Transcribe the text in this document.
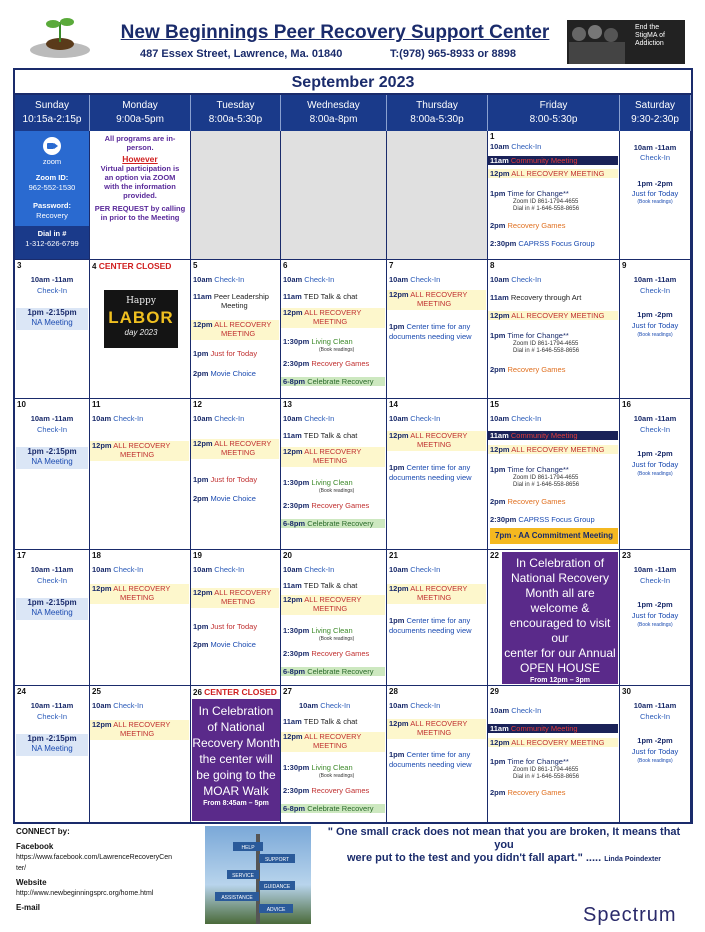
New Beginnings Peer Recovery Support Center
487 Essex Street, Lawrence, Ma. 01840	T:(978) 965-8933 or 8898
End the StigMA of Addiction
September 2023
Sunday
10:15a-2:15p
Monday
9:00a-5pm
Tuesday
8:00a-5:30p
Wednesday
8:00a-8pm
Thursday
8:00a-5:30p
Friday
8:00-5:30p
Saturday
9:30-2:30p
zoom
Zoom ID:
962-552-1530
Password:
Recovery
Dial in #
1-312-626-6799
All programs are in-
person.
However
Virtual participation is
an option via ZOOM
with the information
provided.
PER REQUEST by calling
in prior to the Meeting
1
10am Check-In
11am Community Meeting
12pm ALL RECOVERY MEETING
1pm Time for Change**
Zoom ID 861-1794-4655
Dial in # 1-646-558-8656
2pm Recovery Games
2:30pm CAPRSS Focus Group
10am -11am
Check-In
1pm -2pm
Just for Today
(Book readings)
3
10am -11am
Check-In
1pm -2:15pm
NA Meeting
4 CENTER CLOSED
Happy
LABOR
day 2023
5
10am Check-In
11am Peer Leadership
Meeting
12pm ALL RECOVERY
MEETING
1pm Just for Today
2pm Movie Choice
6
10am Check-In
11am TED Talk & chat
12pm ALL RECOVERY
MEETING
1:30pm Living Clean
(Book readings)
2:30pm Recovery Games
6-8pm Celebrate Recovery
7
10am Check-In
12pm ALL RECOVERY
MEETING
1pm Center time for any
documents needing view
8
10am Check-In
11am Recovery through Art
12pm ALL RECOVERY MEETING
1pm Time for Change**
Zoom ID 861-1794-4655
Dial in # 1-646-558-8656
2pm Recovery Games
9
10am -11am
Check-In
1pm -2pm
Just for Today
(Book readings)
10
10am -11am
Check-In
1pm -2:15pm
NA Meeting
11
10am Check-In
12pm ALL RECOVERY
MEETING
12
10am Check-In
12pm ALL RECOVERY
MEETING
1pm Just for Today
2pm Movie Choice
13
10am Check-In
11am TED Talk & chat
12pm ALL RECOVERY
MEETING
1:30pm Living Clean
(Book readings)
2:30pm Recovery Games
6-8pm Celebrate Recovery
14
10am Check-In
12pm ALL RECOVERY
MEETING
1pm Center time for any
documents needing view
15
10am Check-In
11am Community Meeting
12pm ALL RECOVERY MEETING
1pm Time for Change**
Zoom ID 861-1794-4655
Dial in # 1-646-558-8656
2pm Recovery Games
2:30pm CAPRSS Focus Group
7pm - AA Commitment Meeting
16
10am -11am
Check-In
1pm -2pm
Just for Today
(Book readings)
17
10am -11am
Check-In
1pm -2:15pm
NA Meeting
18
10am Check-In
12pm ALL RECOVERY
MEETING
19
10am Check-In
12pm ALL RECOVERY
MEETING
1pm Just for Today
2pm Movie Choice
20
10am Check-In
11am TED Talk & chat
12pm ALL RECOVERY
MEETING
1:30pm Living Clean
(Book readings)
2:30pm Recovery Games
6-8pm Celebrate Recovery
21
10am Check-In
12pm ALL RECOVERY
MEETING
1pm Center time for any
documents needing view
22
In Celebration of
National Recovery
Month all are welcome &
encouraged to visit our
center for our Annual
OPEN HOUSE
From 12pm – 3pm
23
10am -11am
Check-In
1pm -2pm
Just for Today
(Book readings)
24
10am -11am
Check-In
1pm -2:15pm
NA Meeting
25
10am Check-In
12pm ALL RECOVERY
MEETING
26 CENTER CLOSED
In Celebration
of National
Recovery Month
the center will
be going to the
MOAR Walk
From 8:45am – 5pm
27
10am Check-In
11am TED Talk & chat
12pm ALL RECOVERY
MEETING
1:30pm Living Clean
(Book readings)
2:30pm Recovery Games
6-8pm Celebrate Recovery
28
10am Check-In
12pm ALL RECOVERY
MEETING
1pm Center time for any
documents needing view
29
10am Check-In
11am Community Meeting
12pm ALL RECOVERY MEETING
1pm Time for Change**
Zoom ID 861-1794-4655
Dial in # 1-646-558-8656
2pm Recovery Games
30
10am -11am
Check-In
1pm -2pm
Just for Today
(Book readings)
CONNECT by:
Facebook
https://www.facebook.com/LawrenceRecoveryCen
ter/
Website
http://www.newbeginningsprc.org/home.html
E-mail
HELP
SUPPORT
SERVICE
GUIDANCE
ASSISTANCE
ADVICE
" One small crack does not mean that you are broken, It means that you
were put to the test and you didn't fall apart." ..... Linda Poindexter
Spectrum
